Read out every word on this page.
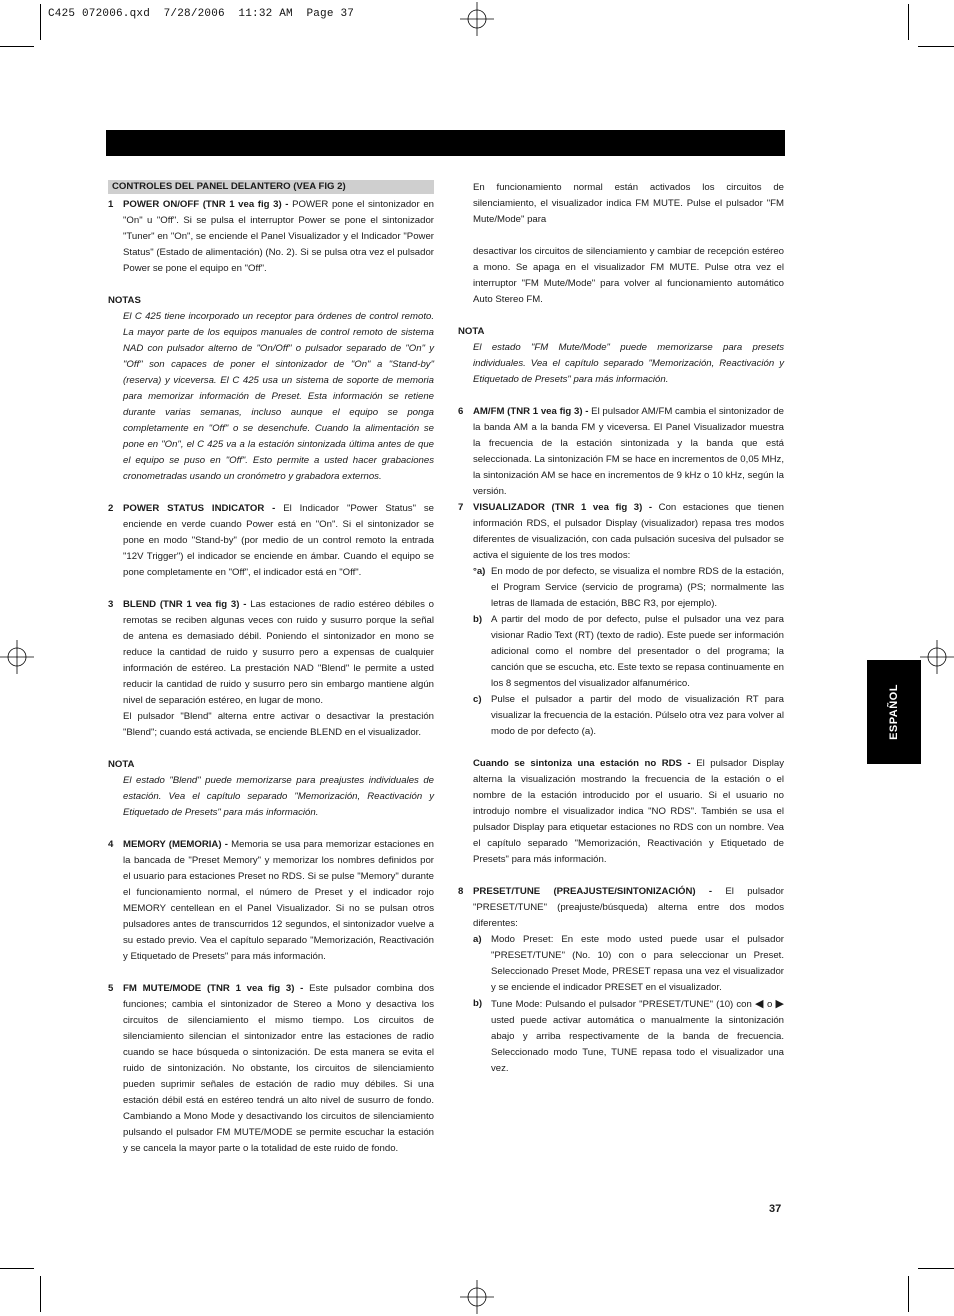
C425 072006.qxd  7/28/2006  11:32 AM  Page 37
CONTROLES DEL PANEL DELANTERO (VEA FIG 2)
1	POWER ON/OFF (TNR 1 vea fig 3) - POWER pone el sintonizador en "On" u "Off". Si se pulsa el interruptor Power se pone el sintonizador "Tuner" en "On", se enciende el Panel Visualizador y el Indicador "Power Status" (Estado de alimentación) (No. 2). Si se pulsa otra vez el pulsador Power se pone el equipo en "Off".
NOTAS
El C 425 tiene incorporado un receptor para órdenes de control remoto. La mayor parte de los equipos manuales de control remoto de sistema NAD con pulsador alterno de "On/Off" o pulsador separado de "On" y "Off" son capaces de poner el sintonizador de "On" a "Stand-by" (reserva) y viceversa. El C 425 usa un sistema de soporte de memoria para memorizar información de Preset. Esta información se retiene durante varias semanas, incluso aunque el equipo se ponga completamente en "Off" o se desenchufe. Cuando la alimentación se pone en "On", el C 425 va a la estación sintonizada última antes de que el equipo se puso en "Off". Esto permite a usted hacer grabaciones cronometradas usando un cronómetro y grabadora externos.
2	POWER STATUS INDICATOR - El Indicador "Power Status" se enciende en verde cuando Power está en "On". Si el sintonizador se pone en modo "Stand-by" (por medio de un control remoto la entrada "12V Trigger") el indicador se enciende en ámbar. Cuando el equipo se pone completamente en "Off", el indicador está en "Off".
3	BLEND (TNR 1 vea fig 3) - Las estaciones de radio estéreo débiles o remotas se reciben algunas veces con ruido y susurro porque la señal de antena es demasiado débil. Poniendo el sintonizador en mono se reduce la cantidad de ruido y susurro pero a expensas de cualquier información de estéreo. La prestación NAD "Blend" le permite a usted reducir la cantidad de ruido y susurro pero sin embargo mantiene algún nivel de separación estéreo, en lugar de mono.
El pulsador "Blend" alterna entre activar o desactivar la prestación "Blend"; cuando está activada, se enciende BLEND en el visualizador.
NOTA
El estado "Blend" puede memorizarse para preajustes individuales de estación. Vea el capítulo separado "Memorización, Reactivación y Etiquetado de Presets" para más información.
4	MEMORY (MEMORIA) - Memoria se usa para memorizar estaciones en la bancada de "Preset Memory" y memorizar los nombres definidos por el usuario para estaciones Preset no RDS. Si se pulse "Memory" durante el funcionamiento normal, el número de Preset y el indicador rojo MEMORY centellean en el Panel Visualizador. Si no se pulsan otros pulsadores antes de transcurridos 12 segundos, el sintonizador vuelve a su estado previo. Vea el capítulo separado "Memorización, Reactivación y Etiquetado de Presets" para más información.
5	FM MUTE/MODE (TNR 1 vea fig 3) - Este pulsador combina dos funciones; cambia el sintonizador de Stereo a Mono y desactiva los circuitos de silenciamiento el mismo tiempo. Los circuitos de silenciamiento silencian el sintonizador entre las estaciones de radio cuando se hace búsqueda o sintonización. De esta manera se evita el ruido de sintonización. No obstante, los circuitos de silenciamiento pueden suprimir señales de estación de radio muy débiles. Si una estación débil está en estéreo tendrá un alto nivel de susurro de fondo. Cambiando a Mono Mode y desactivando los circuitos de silenciamiento pulsando el pulsador FM MUTE/MODE se permite escuchar la estación y se cancela la mayor parte o la totalidad de este ruido de fondo.
En funcionamiento normal están activados los circuitos de silenciamiento, el visualizador indica FM MUTE. Pulse el pulsador "FM Mute/Mode" para
desactivar los circuitos de silenciamiento y cambiar de recepción estéreo a mono. Se apaga en el visualizador FM MUTE. Pulse otra vez el interruptor "FM Mute/Mode" para volver al funcionamiento automático Auto Stereo FM.
NOTA
El estado "FM Mute/Mode" puede memorizarse para presets individuales. Vea el capítulo separado "Memorización, Reactivación y Etiquetado de Presets" para más información.
6	AM/FM (TNR 1 vea fig 3) - El pulsador AM/FM cambia el sintonizador de la banda AM a la banda FM y viceversa. El Panel Visualizador muestra la frecuencia de la estación sintonizada y la banda que está seleccionada. La sintonización FM se hace en incrementos de 0,05 MHz, la sintonización AM se hace en incrementos de 9 kHz o 10 kHz, según la versión.
7	VISUALIZADOR (TNR 1 vea fig 3) - Con estaciones que tienen información RDS, el pulsador Display (visualizador) repasa tres modos diferentes de visualización, con cada pulsación sucesiva del pulsador se activa el siguiente de los tres modos:
°a) En modo de por defecto, se visualiza el nombre RDS de la estación, el Program Service (servicio de programa) (PS; normalmente las letras de llamada de estación, BBC R3, por ejemplo).
b) A partir del modo de por defecto, pulse el pulsador una vez para visionar Radio Text (RT) (texto de radio). Este puede ser información adicional como el nombre del presentador o del programa; la canción que se escucha, etc. Este texto se repasa continuamente en los 8 segmentos del visualizador alfanumérico.
c) Pulse el pulsador a partir del modo de visualización RT para visualizar la frecuencia de la estación. Púlselo otra vez para volver al modo de por defecto (a).
Cuando se sintoniza una estación no RDS - El pulsador Display alterna la visualización mostrando la frecuencia de la estación o el nombre de la estación introducido por el usuario. Si el usuario no introdujo nombre el visualizador indica "NO RDS". También se usa el pulsador Display para etiquetar estaciones no RDS con un nombre. Vea el capítulo separado "Memorización, Reactivación y Etiquetado de Presets" para más información.
8	PRESET/TUNE (PREAJUSTE/SINTONIZACIÓN) - El pulsador "PRESET/TUNE" (preajuste/búsqueda) alterna entre dos modos diferentes:
a) Modo Preset: En este modo usted puede usar el pulsador "PRESET/TUNE" (No. 10) con o para seleccionar un Preset. Seleccionado Preset Mode, PRESET repasa una vez el visualizador y se enciende el indicador PRESET en el visualizador.
b) Tune Mode: Pulsando el pulsador "PRESET/TUNE" (10) con ◀ o ▶ usted puede activar automática o manualmente la sintonización abajo y arriba respectivamente de la banda de frecuencia. Seleccionado modo Tune, TUNE repasa todo el visualizador una vez.
ESPAÑOL
37
